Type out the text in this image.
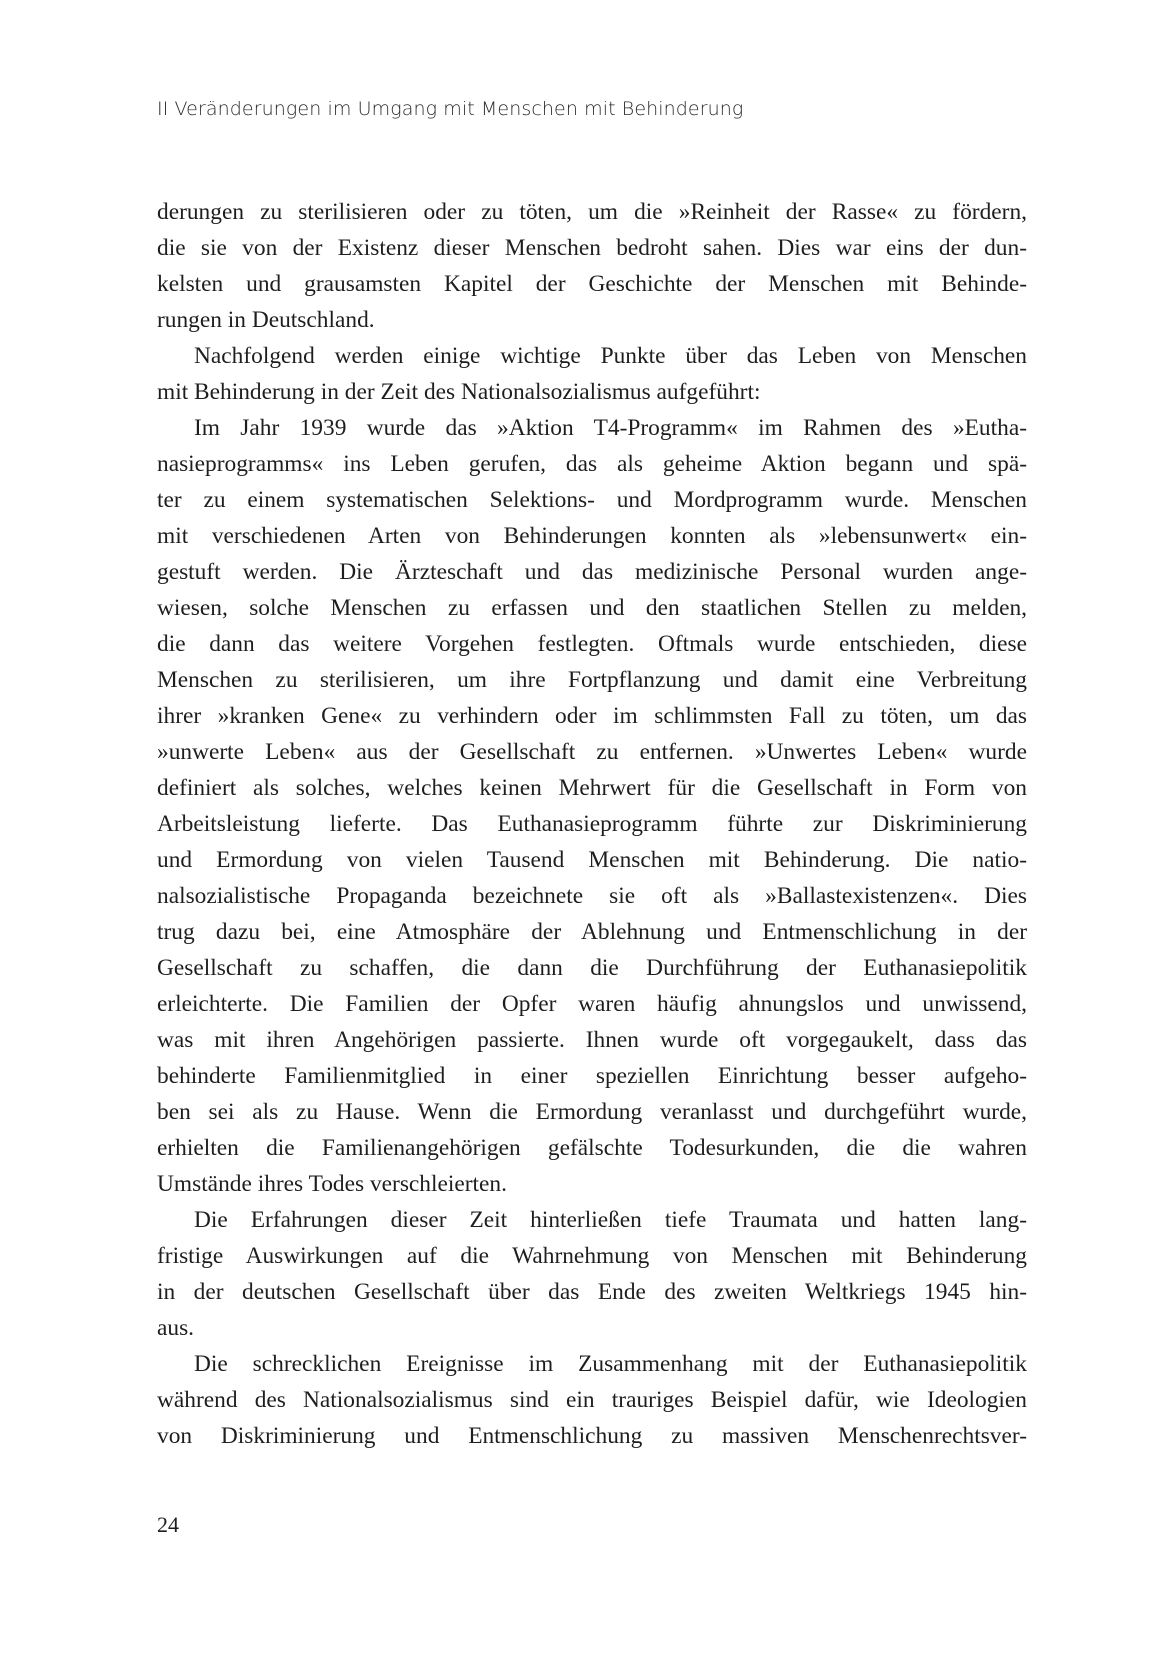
II Veränderungen im Umgang mit Menschen mit Behinderung
derungen zu sterilisieren oder zu töten, um die »Reinheit der Rasse« zu fördern,
die sie von der Existenz dieser Menschen bedroht sahen. Dies war eins der dun-
kelsten und grausamsten Kapitel der Geschichte der Menschen mit Behinde-
rungen in Deutschland.
Nachfolgend werden einige wichtige Punkte über das Leben von Menschen
mit Behinderung in der Zeit des Nationalsozialismus aufgeführt:
Im Jahr 1939 wurde das »Aktion T4-Programm« im Rahmen des »Eutha-
nasieprogramms« ins Leben gerufen, das als geheime Aktion begann und spä-
ter zu einem systematischen Selektions- und Mordprogramm wurde. Menschen
mit verschiedenen Arten von Behinderungen konnten als »lebensunwert« ein-
gestuft werden. Die Ärzteschaft und das medizinische Personal wurden ange-
wiesen, solche Menschen zu erfassen und den staatlichen Stellen zu melden,
die dann das weitere Vorgehen festlegten. Oftmals wurde entschieden, diese
Menschen zu sterilisieren, um ihre Fortpflanzung und damit eine Verbreitung
ihrer »kranken Gene« zu verhindern oder im schlimmsten Fall zu töten, um das
»unwerte Leben« aus der Gesellschaft zu entfernen. »Unwertes Leben« wurde
definiert als solches, welches keinen Mehrwert für die Gesellschaft in Form von
Arbeitsleistung lieferte. Das Euthanasieprogramm führte zur Diskriminierung
und Ermordung von vielen Tausend Menschen mit Behinderung. Die natio-
nalsozialistische Propaganda bezeichnete sie oft als »Ballastexistenzen«. Dies
trug dazu bei, eine Atmosphäre der Ablehnung und Entmenschlichung in der
Gesellschaft zu schaffen, die dann die Durchführung der Euthanasiepolitik
erleichterte. Die Familien der Opfer waren häufig ahnungslos und unwissend,
was mit ihren Angehörigen passierte. Ihnen wurde oft vorgegaukelt, dass das
behinderte Familienmitglied in einer speziellen Einrichtung besser aufgeho-
ben sei als zu Hause. Wenn die Ermordung veranlasst und durchgeführt wurde,
erhielten die Familienangehörigen gefälschte Todesurkunden, die die wahren
Umstände ihres Todes verschleierten.
Die Erfahrungen dieser Zeit hinterließen tiefe Traumata und hatten lang-
fristige Auswirkungen auf die Wahrnehmung von Menschen mit Behinderung
in der deutschen Gesellschaft über das Ende des zweiten Weltkriegs 1945 hin-
aus.
Die schrecklichen Ereignisse im Zusammenhang mit der Euthanasiepolitik
während des Nationalsozialismus sind ein trauriges Beispiel dafür, wie Ideologien
von Diskriminierung und Entmenschlichung zu massiven Menschenrechtsver-
24
